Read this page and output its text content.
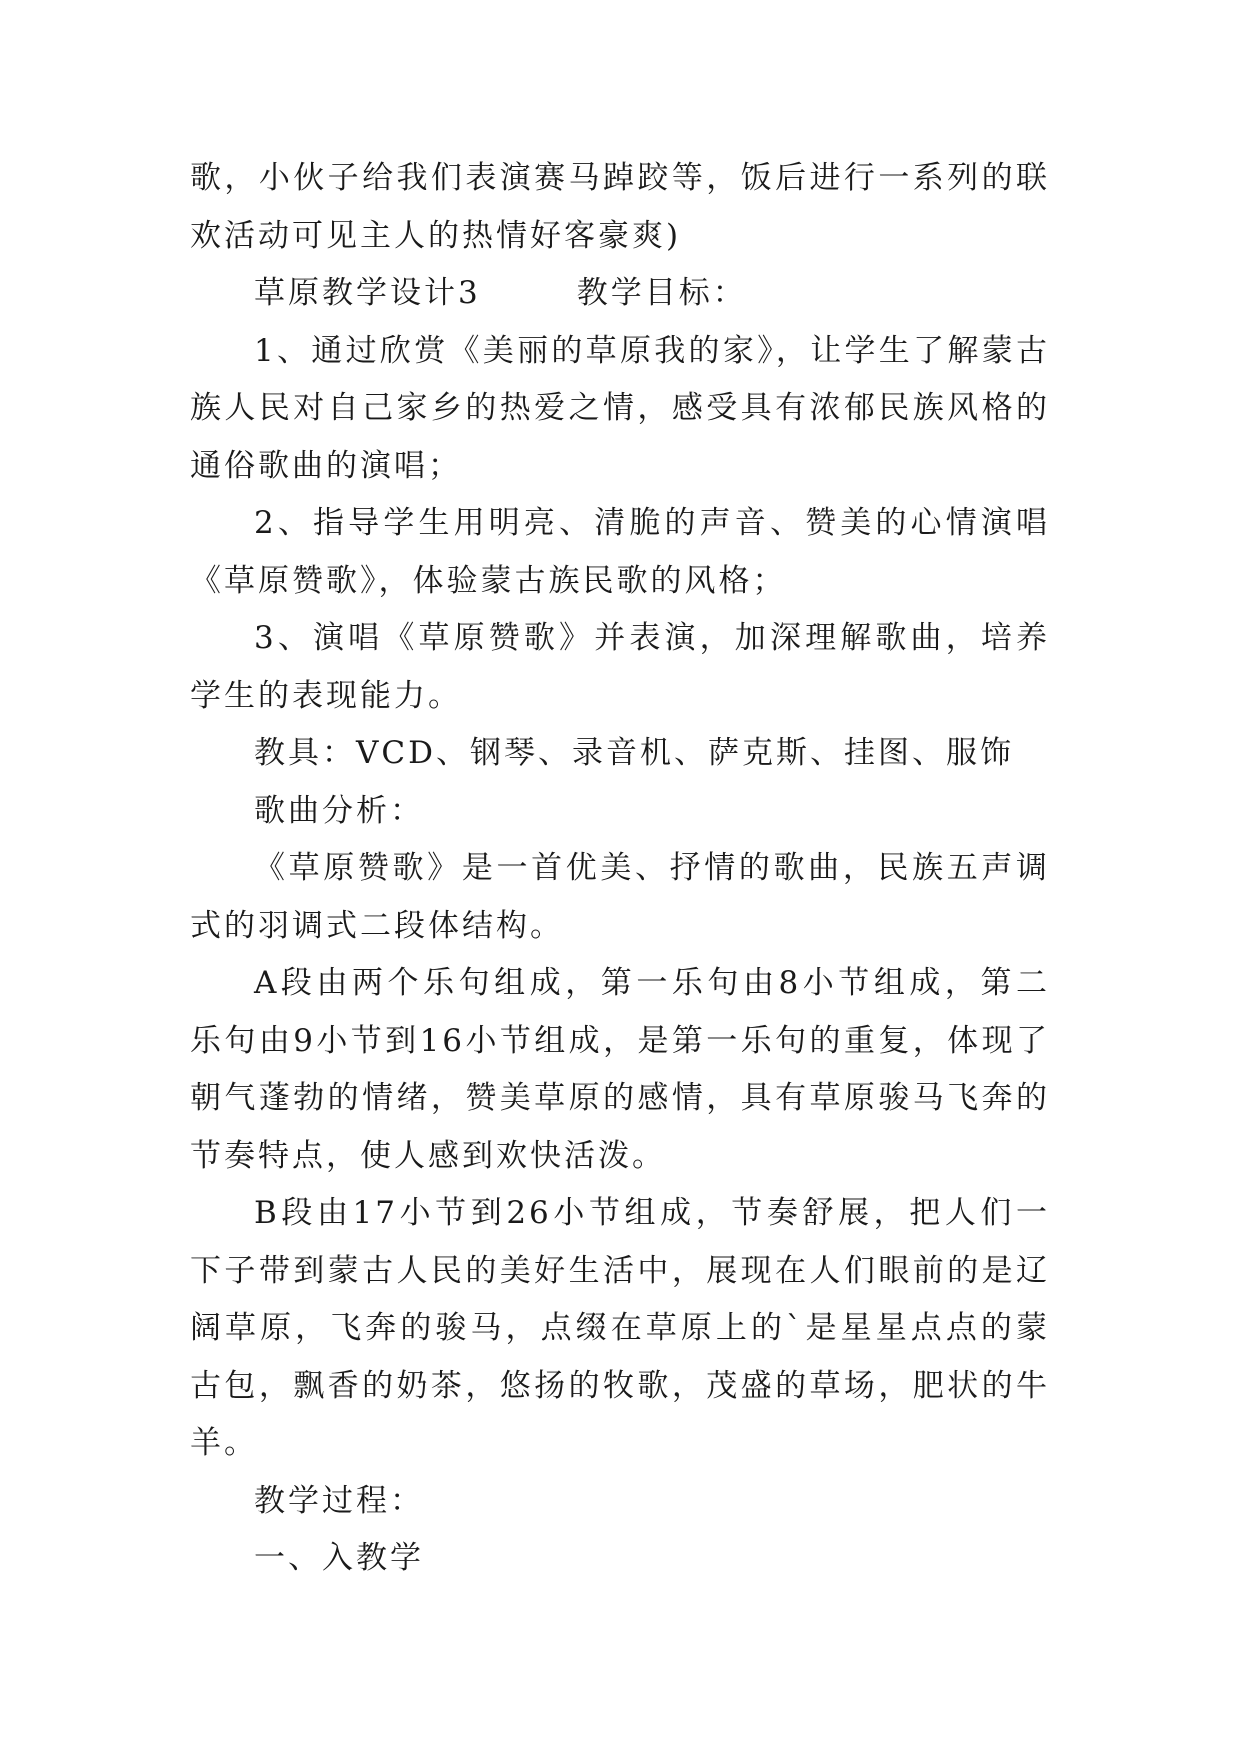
歌，小伙子给我们表演赛马踔跤等，饭后进行一系列的联欢活动可见主人的热情好客豪爽)

草原教学设计3	教学目标：

1、通过欣赏《美丽的草原我的家》，让学生了解蒙古族人民对自己家乡的热爱之情，感受具有浓郁民族风格的通俗歌曲的演唱；

2、指导学生用明亮、清脆的声音、赞美的心情演唱《草原赞歌》，体验蒙古族民歌的风格；

3、演唱《草原赞歌》并表演，加深理解歌曲，培养学生的表现能力。

教具：VCD、钢琴、录音机、萨克斯、挂图、服饰

歌曲分析：

《草原赞歌》是一首优美、抒情的歌曲，民族五声调式的羽调式二段体结构。

A段由两个乐句组成，第一乐句由8小节组成，第二乐句由9小节到16小节组成，是第一乐句的重复，体现了朝气蓬勃的情绪，赞美草原的感情，具有草原骏马飞奔的节奏特点，使人感到欢快活泼。

B段由17小节到26小节组成，节奏舒展，把人们一下子带到蒙古人民的美好生活中，展现在人们眼前的是辽阔草原，飞奔的骏马，点缀在草原上的`是星星点点的蒙古包，飘香的奶茶，悠扬的牧歌，茂盛的草场，肥状的牛羊。

教学过程：

一、入教学
